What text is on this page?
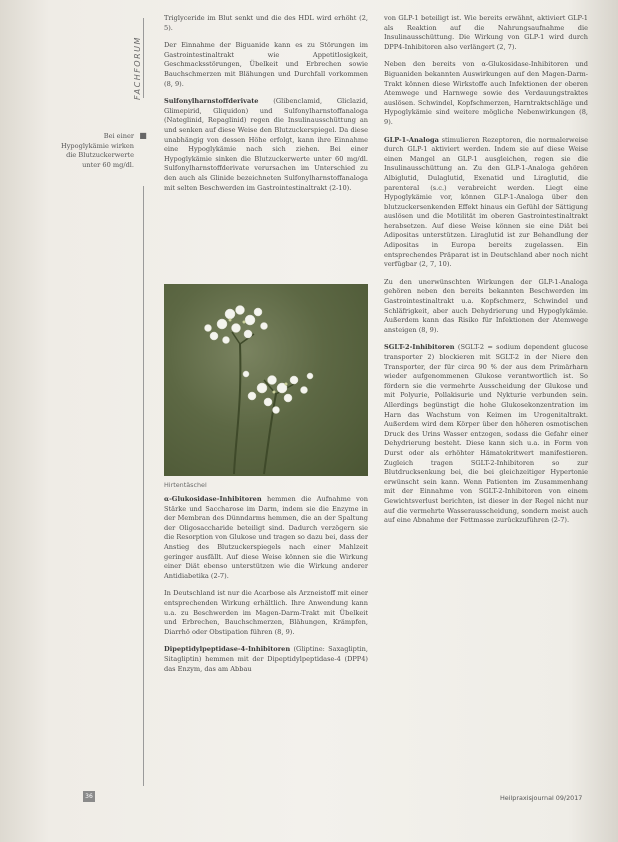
FACHFORUM
Bei einer Hypoglykämie wirken die Blutzuckerwerte unter 60 mg/dl.
■

Triglyceride im Blut senkt und die des HDL wird erhöht (2, 5).

Der Einnahme der Biguanide kann es zu Störungen im Gastrointestinaltrakt wie Appetitlosigkeit, Geschmacksstörungen, Übelkeit und Erbrechen sowie Bauchschmerzen mit Blähungen und Durchfall vorkommen (8, 9).

Sulfonylharnstoffderivate (Glibenclamid, Gliclazid, Glimepirid, Gliquidon) und Sulfonylharnstoffanaloga (Nateglinid, Repaglinid) regen die Insulinausschüttung an und senken auf diese Weise den Blutzuckerspiegel. Da diese unabhängig von dessen Höhe erfolgt, kann ihre Einnahme eine Hypoglykämie nach sich ziehen. Bei einer Hypoglykämie sinken die Blutzuckerwerte unter 60 mg/dl. Sulfonylharnstoffderivate verursachen im Unterschied zu den auch als Glinide bezeichneten Sulfonylharnstoffanaloga mit selten Beschwerden im Gastrointestinaltrakt (2-10).

Hirtentäschel

α-Glukosidase-Inhibitoren hemmen die Aufnahme von Stärke und Saccharose im Darm, indem sie die Enzyme in der Membran des Dünndarms hemmen, die an der Spaltung der Oligosaccharide beteiligt sind. Dadurch verzögern sie die Resorption von Glukose und tragen so dazu bei, dass der Anstieg des Blutzuckerspiegels nach einer Mahlzeit geringer ausfällt. Auf diese Weise können sie die Wirkung einer Diät ebenso unterstützen wie die Wirkung anderer Antidiabetika (2-7).

In Deutschland ist nur die Acarbose als Arzneistoff mit einer entsprechenden Wirkung erhältlich. Ihre Anwendung kann u.a. zu Beschwerden im Magen-Darm-Trakt mit Übelkeit und Erbrechen, Bauchschmerzen, Blähungen, Krämpfen, Diarrhö oder Obstipation führen (8, 9).

Dipeptidylpeptidase-4-Inhibitoren (Gliptine: Saxagliptin, Sitagliptin) hemmen mit der Dipeptidylpeptidase-4 (DPP4) das Enzym, das am Abbau

von GLP-1 beteiligt ist. Wie bereits erwähnt, aktiviert GLP-1 als Reaktion auf die Nahrungsaufnahme die Insulinausschüttung. Die Wirkung von GLP-1 wird durch DPP4-Inhibitoren also verlängert (2, 7).

Neben den bereits von α-Glukosidase-Inhibitoren und Biguaniden bekannten Auswirkungen auf den Magen-Darm-Trakt können diese Wirkstoffe auch Infektionen der oberen Atemwege und Harnwege sowie des Verdauungstraktes auslösen. Schwindel, Kopfschmerzen, Harntraktschläge und Hypoglykämie sind weitere mögliche Nebenwirkungen (8, 9).

GLP-1-Analoga stimulieren Rezeptoren, die normalerweise durch GLP-1 aktiviert werden. Indem sie auf diese Weise einen Mangel an GLP-1 ausgleichen, regen sie die Insulinausschüttung an. Zu den GLP-1-Analoga gehören Albiglutid, Dulaglutid, Exenatid und Liraglutid, die parenteral (s.c.) verabreicht werden. Liegt eine Hypoglykämie vor, können GLP-1-Analoga über den blutzuckersenkenden Effekt hinaus ein Gefühl der Sättigung auslösen und die Motilität im oberen Gastrointestinaltrakt herabsetzen. Auf diese Weise können sie eine Diät bei Adipositas unterstützen. Liraglutid ist zur Behandlung der Adipositas in Europa bereits zugelassen. Ein entsprechendes Präparat ist in Deutschland aber noch nicht verfügbar (2, 7, 10).

Zu den unerwünschten Wirkungen der GLP-1-Analoga gehören neben den bereits bekannten Beschwerden im Gastrointestinaltrakt u.a. Kopfschmerz, Schwindel und Schläfrigkeit, aber auch Dehydrierung und Hypoglykämie. Außerdem kann das Risiko für Infektionen der Atemwege ansteigen (8, 9).

SGLT-2-Inhibitoren (SGLT-2 = sodium dependent glucose transporter 2) blockieren mit SGLT-2 in der Niere den Transporter, der für circa 90 % der aus dem Primärharn wieder aufgenommenen Glukose verantwortlich ist. So fördern sie die vermehrte Ausscheidung der Glukose und mit Polyurie, Pollakisurie und Nykturie verbunden sein. Allerdings begünstigt die hohe Glukosekonzentration im Harn das Wachstum von Keimen im Urogenitaltrakt. Außerdem wird dem Körper über den höheren osmotischen Druck des Urins Wasser entzogen, sodass die Gefahr einer Dehydrierung besteht. Diese kann sich u.a. in Form von Durst oder als erhöhter Hämatokritwert manifestieren. Zugleich tragen SGLT-2-Inhibitoren so zur Blutdrucksenkung bei, die bei gleichzeitiger Hypertonie erwünscht sein kann. Wenn Patienten im Zusammenhang mit der Einnahme von SGLT-2-Inhibitoren von einem Gewichtsverlust berichten, ist dieser in der Regel nicht nur auf die vermehrte Wasserausscheidung, sondern meist auch auf eine Abnahme der Fettmasse zurückzuführen (2-7).

36	Heilpraxisjournal 09/2017
